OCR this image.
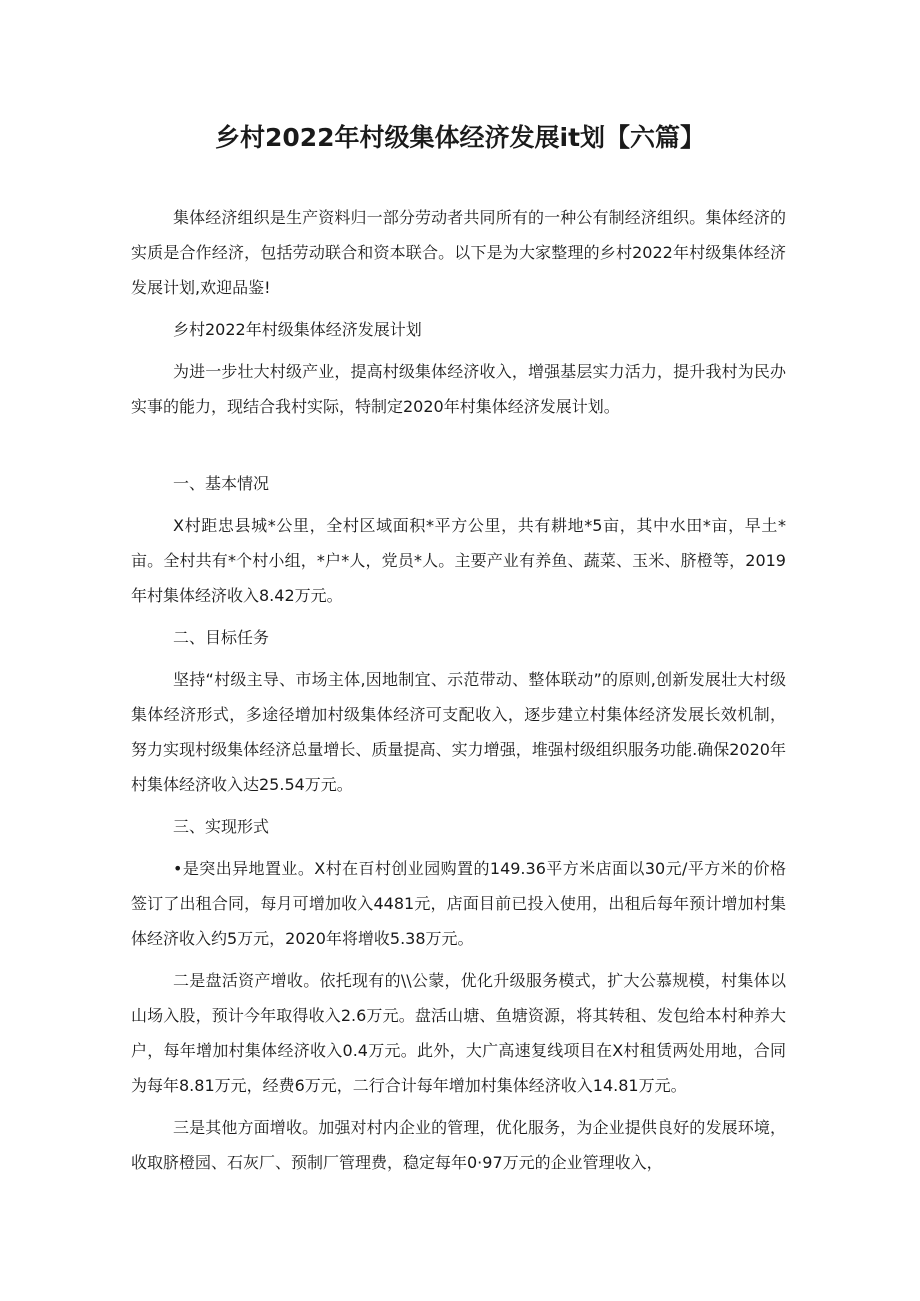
乡村2022年村级集体经济发展it划【六篇】

集体经济组织是生产资料归一部分劳动者共同所有的一种公有制经济组织。集体经济的实质是合作经济，包括劳动联合和资本联合。以下是为大家整理的乡村2022年村级集体经济发展计划,欢迎品鉴!

乡村2022年村级集体经济发展计划

为进一步壮大村级产业，提高村级集体经济收入，增强基层实力活力，提升我村为民办实事的能力，现结合我村实际，特制定2020年村集体经济发展计划。

一、基本情况

X村距忠县城*公里，全村区域面积*平方公里，共有耕地*5亩，其中水田*亩，早土*亩。全村共有*个村小组，*户*人，党员*人。主要产业有养鱼、蔬菜、玉米、脐橙等，2019年村集体经济收入8.42万元。

二、目标任务

坚持“村级主导、市场主体,因地制宜、示范带动、整体联动”的原则,创新发展壮大村级集体经济形式，多途径增加村级集体经济可支配收入，逐步建立村集体经济发展长效机制，努力实现村级集体经济总量增长、质量提高、实力增强，堆强村级组织服务功能.确保2020年村集体经济收入达25.54万元。

三、实现形式

•是突出异地置业。X村在百村创业园购置的149.36平方米店面以30元/平方米的价格签订了出租合同，每月可增加收入4481元，店面目前已投入使用，出租后每年预计增加村集体经济收入约5万元，2020年将增收5.38万元。

二是盘活资产增收。依托现有的\\公蒙，优化升级服务模式，扩大公慕规模，村集体以山场入股，预计今年取得收入2.6万元。盘活山塘、鱼塘资源，将其转租、发包给本村种养大户，每年增加村集体经济收入0.4万元。此外，大广高速复线项目在X村租赁两处用地，合同为每年8.81万元，经费6万元，二行合计每年增加村集体经济收入14.81万元。

三是其他方面增收。加强对村内企业的管理，优化服务，为企业提供良好的发展环境，收取脐橙园、石灰厂、预制厂管理费，稳定每年0·97万元的企业管理收入，
